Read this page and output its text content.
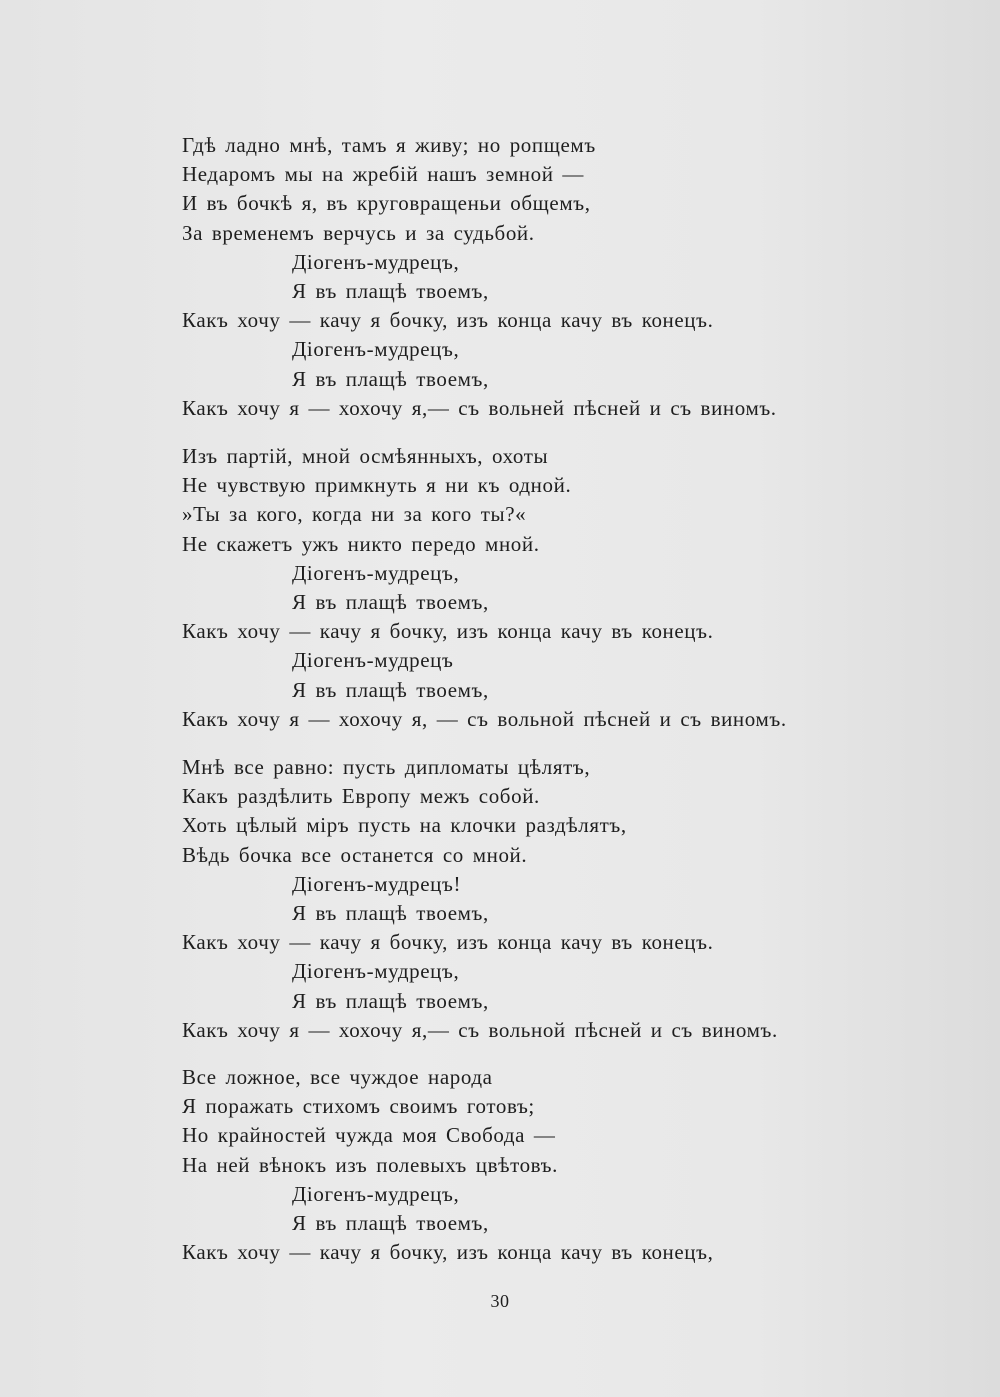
Гдѣ ладно мнѣ, тамъ я живу; но ропщемъ
Недаромъ мы на жребій нашъ земной —
И въ бочкѣ я, въ круговращеньи общемъ,
За временемъ верчусь и за судьбой.
Діогенъ-мудрецъ,
Я въ плащѣ твоемъ,
Какъ хочу — качу я бочку, изъ конца качу въ конецъ.
Діогенъ-мудрецъ,
Я въ плащѣ твоемъ,
Какъ хочу я — хохочу я,— съ вольней пѣсней и съ виномъ.
Изъ партій, мной осмѣянныхъ, охоты
Не чувствую примкнуть я ни къ одной.
»Ты за кого, когда ни за кого ты?«
Не скажетъ ужъ никто передо мной.
Діогенъ-мудрецъ,
Я въ плащѣ твоемъ,
Какъ хочу — качу я бочку, изъ конца качу въ конецъ.
Діогенъ-мудрецъ
Я въ плащѣ твоемъ,
Какъ хочу я — хохочу я, — съ вольной пѣсней и съ виномъ.
Мнѣ все равно: пусть дипломаты цѣлятъ,
Какъ раздѣлить Европу межъ собой.
Хоть цѣлый міръ пусть на клочки раздѣлятъ,
Вѣдь бочка все останется со мной.
Діогенъ-мудрецъ!
Я въ плащѣ твоемъ,
Какъ хочу — качу я бочку, изъ конца качу въ конецъ.
Діогенъ-мудрецъ,
Я въ плащѣ твоемъ,
Какъ хочу я — хохочу я,— съ вольной пѣсней и съ виномъ.
Все ложное, все чуждое народа
Я поражать стихомъ своимъ готовъ;
Но крайностей чужда моя Свобода —
На ней вѣнокъ изъ полевыхъ цвѣтовъ.
Діогенъ-мудрецъ,
Я въ плащѣ твоемъ,
Какъ хочу — качу я бочку, изъ конца качу въ конецъ,
30
